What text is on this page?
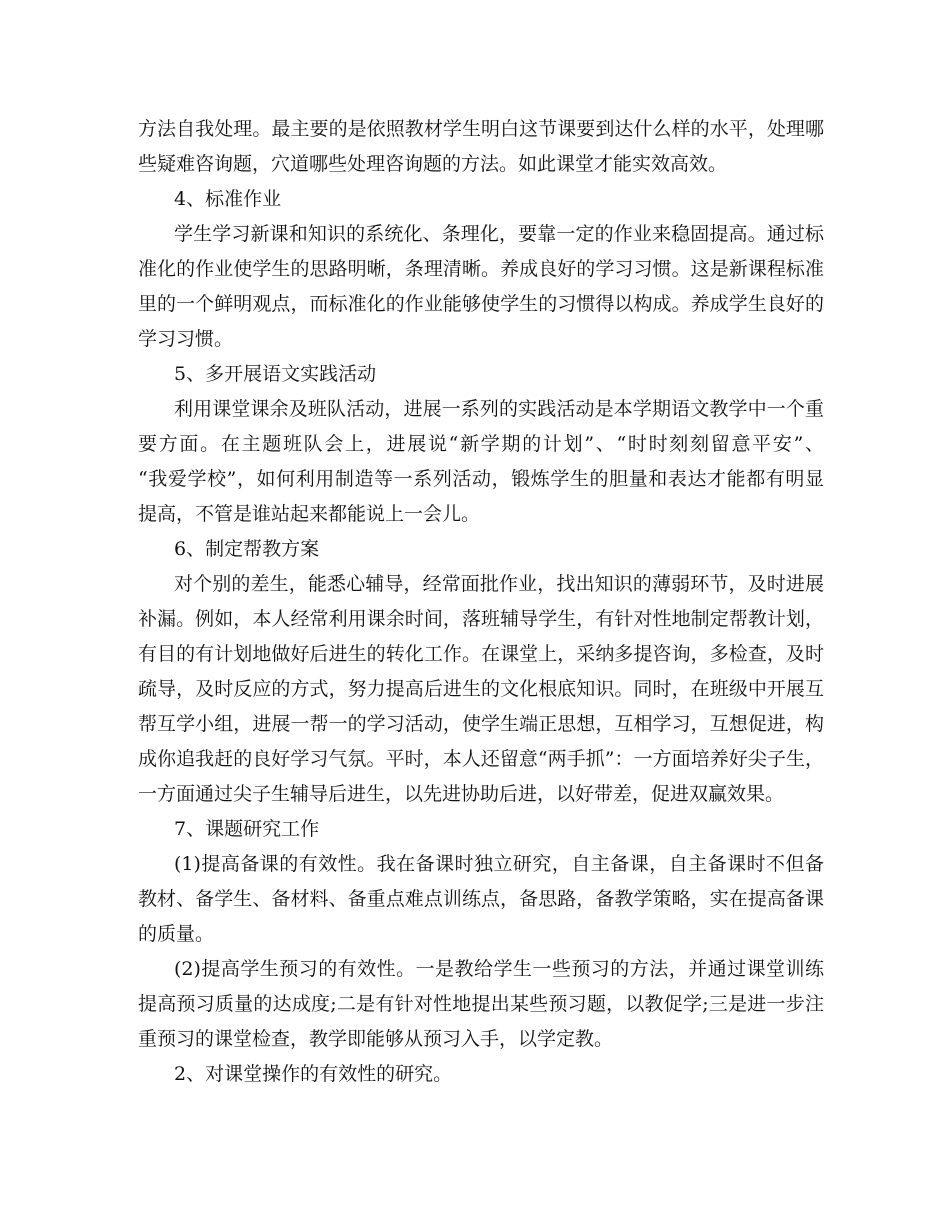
方法自我处理。最主要的是依照教材学生明白这节课要到达什么样的水平，处理哪
些疑难咨询题，穴道哪些处理咨询题的方法。如此课堂才能实效高效。
4、标准作业
学生学习新课和知识的系统化、条理化，要靠一定的作业来稳固提高。通过标
准化的作业使学生的思路明晰，条理清晰。养成良好的学习习惯。这是新课程标准
里的一个鲜明观点，而标准化的作业能够使学生的习惯得以构成。养成学生良好的
学习习惯。
5、多开展语文实践活动
利用课堂课余及班队活动，进展一系列的实践活动是本学期语文教学中一个重
要方面。在主题班队会上，进展说“新学期的计划”、“时时刻刻留意平安”、
“我爱学校”，如何利用制造等一系列活动，锻炼学生的胆量和表达才能都有明显
提高，不管是谁站起来都能说上一会儿。
6、制定帮教方案
对个别的差生，能悉心辅导，经常面批作业，找出知识的薄弱环节，及时进展
补漏。例如，本人经常利用课余时间，落班辅导学生，有针对性地制定帮教计划，
有目的有计划地做好后进生的转化工作。在课堂上，采纳多提咨询，多检查，及时
疏导，及时反应的方式，努力提高后进生的文化根底知识。同时，在班级中开展互
帮互学小组，进展一帮一的学习活动，使学生端正思想，互相学习，互想促进，构
成你追我赶的良好学习气氛。平时，本人还留意“两手抓”：一方面培养好尖子生，
一方面通过尖子生辅导后进生，以先进协助后进，以好带差，促进双赢效果。
7、课题研究工作
(1)提高备课的有效性。我在备课时独立研究，自主备课，自主备课时不但备
教材、备学生、备材料、备重点难点训练点，备思路，备教学策略，实在提高备课
的质量。
(2)提高学生预习的有效性。一是教给学生一些预习的方法，并通过课堂训练
提高预习质量的达成度;二是有针对性地提出某些预习题，以教促学;三是进一步注
重预习的课堂检查，教学即能够从预习入手，以学定教。
2、对课堂操作的有效性的研究。
